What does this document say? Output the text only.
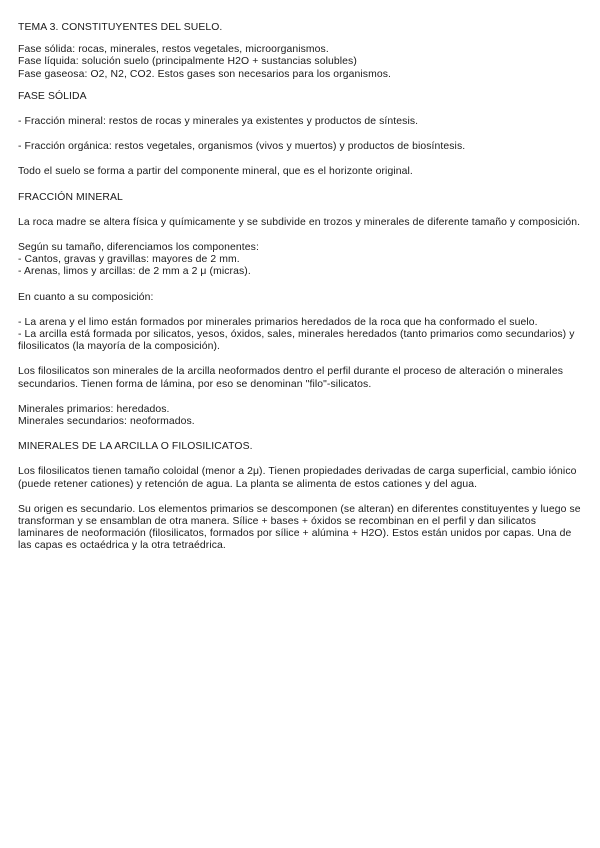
TEMA 3. CONSTITUYENTES DEL SUELO.

Fase sólida: rocas, minerales, restos vegetales, microorganismos.

Fase líquida: solución suelo (principalmente H2O + sustancias solubles)

Fase gaseosa: O2, N2, CO2. Estos gases son necesarios para los organismos.

FASE SÓLIDA

- Fracción mineral: restos de rocas y minerales ya existentes y productos de síntesis.

- Fracción orgánica: restos vegetales, organismos (vivos y muertos) y productos de biosíntesis.

Todo el suelo se forma a partir del componente mineral, que es el horizonte original.

FRACCIÓN MINERAL

La roca madre se altera física y químicamente y se subdivide en trozos y minerales de diferente tamaño y composición.

Según su tamaño, diferenciamos los componentes:

- Cantos, gravas y gravillas: mayores de 2 mm.

- Arenas, limos y arcillas: de 2 mm a 2 μ (micras).

En cuanto a su composición:

- La arena y el limo están formados por minerales primarios heredados de la roca que ha conformado el suelo.

- La arcilla está formada por silicatos, yesos, óxidos, sales, minerales heredados (tanto primarios como secundarios) y filosilicatos (la mayoría de la composición).

Los filosilicatos son minerales de la arcilla neoformados dentro el perfil durante el proceso de alteración o minerales secundarios. Tienen forma de lámina, por eso se denominan "filo"-silicatos.

Minerales primarios: heredados.

Minerales secundarios: neoformados.

MINERALES DE LA ARCILLA O FILOSILICATOS.

Los filosilicatos tienen tamaño coloidal (menor a 2μ). Tienen propiedades derivadas de carga superficial, cambio iónico (puede retener cationes) y retención de agua. La planta se alimenta de estos cationes y del agua.

Su origen es secundario. Los elementos primarios se descomponen (se alteran) en diferentes constituyentes y luego se transforman y se ensamblan de otra manera. Sílice + bases + óxidos se recombinan en el perfil y dan silicatos laminares de neoformación (filosilicatos, formados por sílice + alúmina + H2O). Estos están unidos por capas. Una de las capas es octaédrica y la otra tetraédrica.
